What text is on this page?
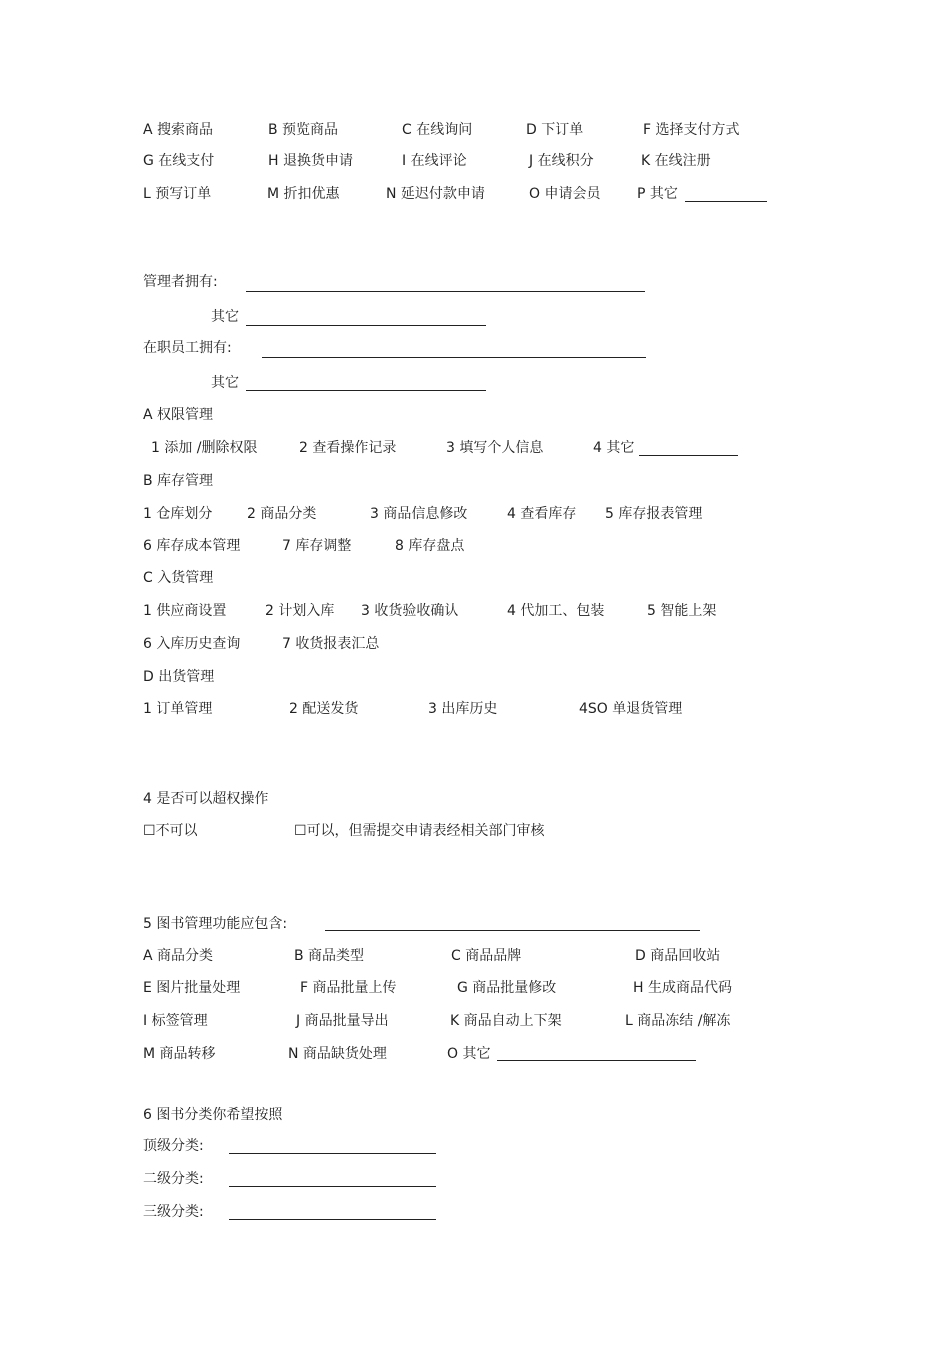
A 搜索商品	B 预览商品	C 在线询问	D 下订单	F 选择支付方式
G 在线支付	H 退换货申请	I 在线评论	J 在线积分	K 在线注册
L 预写订单	M 折扣优惠	N 延迟付款申请	O 申请会员	P 其它
管理者拥有:
其它
在职员工拥有:
其它
A 权限管理
1 添加 /删除权限	2 查看操作记录	3 填写个人信息	4 其它
B 库存管理
1 仓库划分 2 商品分类	3 商品信息修改	4 查看库存 5 库存报表管理
6 库存成本管理	7 库存调整	8 库存盘点
C 入货管理
1 供应商设置	2 计划入库 3 收货验收确认	4 代加工、包装	5 智能上架
6 入库历史查询	7 收货报表汇总
D 出货管理
1 订单管理	2 配送发货	3 出库历史	4SO 单退货管理
4 是否可以超权操作
☐不可以	☐可以，但需提交申请表经相关部门审核
5 图书管理功能应包含:
A 商品分类	B 商品类型	C 商品品牌	D 商品回收站
E 图片批量处理	F 商品批量上传	G 商品批量修改	H 生成商品代码
I 标签管理	J 商品批量导出	K 商品自动上下架	L 商品冻结 /解冻
M 商品转移	N 商品缺货处理	O 其它
6 图书分类你希望按照
顶级分类:
二级分类:
三级分类:
